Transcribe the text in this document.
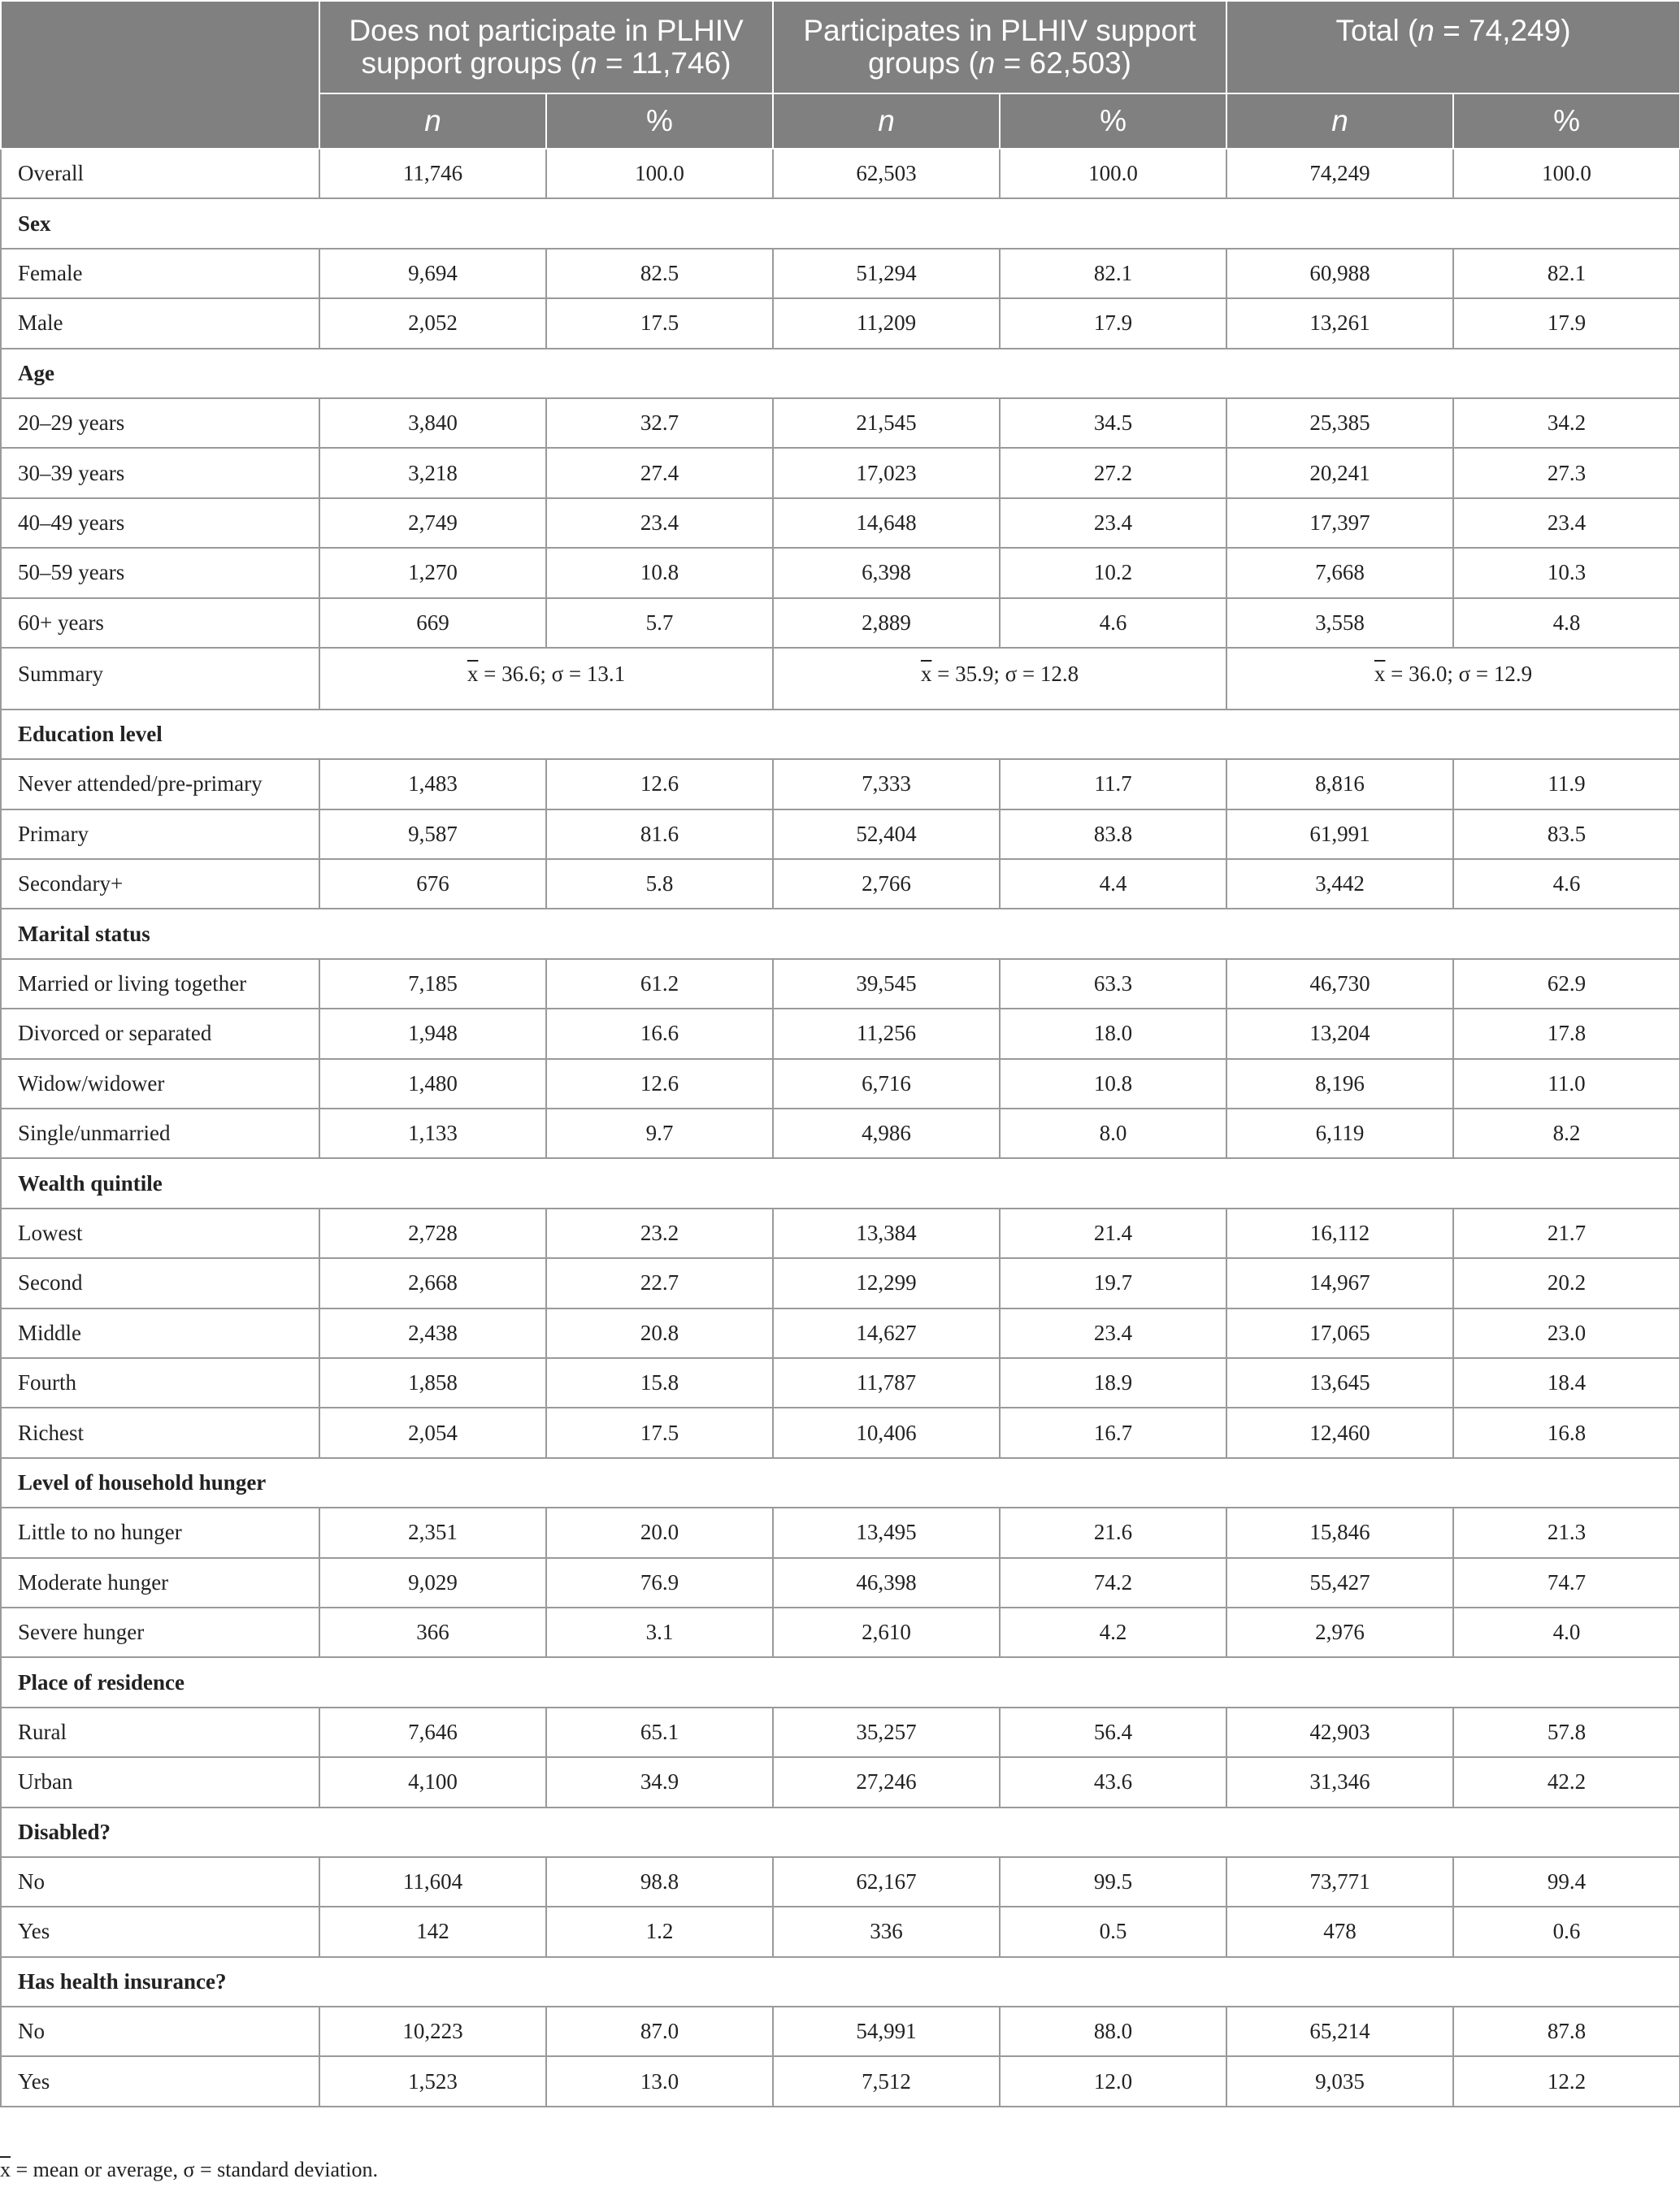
	Does not participate in PLHIV support groups (n = 11,746)		Participates in PLHIV support groups (n = 62,503)		Total (n = 74,249)	
	n	%	n	%	n	%
Overall	11,746	100.0	62,503	100.0	74,249	100.0
Sex						
Female	9,694	82.5	51,294	82.1	60,988	82.1
Male	2,052	17.5	11,209	17.9	13,261	17.9
Age						
20–29 years	3,840	32.7	21,545	34.5	25,385	34.2
30–39 years	3,218	27.4	17,023	27.2	20,241	27.3
40–49 years	2,749	23.4	14,648	23.4	17,397	23.4
50–59 years	1,270	10.8	6,398	10.2	7,668	10.3
60+ years	669	5.7	2,889	4.6	3,558	4.8
Summary	$\overline{x} = 36.6$; σ = 13.1		$\overline{x} = 35.9$; σ = 12.8		$\overline{x} = 36.0$; σ = 12.9	
Education level						
Never attended/pre-primary	1,483	12.6	7,333	11.7	8,816	11.9
Primary	9,587	81.6	52,404	83.8	61,991	83.5
Secondary+	676	5.8	2,766	4.4	3,442	4.6
Marital status						
Married or living together	7,185	61.2	39,545	63.3	46,730	62.9
Divorced or separated	1,948	16.6	11,256	18.0	13,204	17.8
Widow/widower	1,480	12.6	6,716	10.8	8,196	11.0
Single/unmarried	1,133	9.7	4,986	8.0	6,119	8.2
Wealth quintile						
Lowest	2,728	23.2	13,384	21.4	16,112	21.7
Second	2,668	22.7	12,299	19.7	14,967	20.2
Middle	2,438	20.8	14,627	23.4	17,065	23.0
Fourth	1,858	15.8	11,787	18.9	13,645	18.4
Richest	2,054	17.5	10,406	16.7	12,460	16.8
Level of household hunger						
Little to no hunger	2,351	20.0	13,495	21.6	15,846	21.3
Moderate hunger	9,029	76.9	46,398	74.2	55,427	74.7
Severe hunger	366	3.1	2,610	4.2	2,976	4.0
Place of residence						
Rural	7,646	65.1	35,257	56.4	42,903	57.8
Urban	4,100	34.9	27,246	43.6	31,346	42.2
Disabled?						
No	11,604	98.8	62,167	99.5	73,771	99.4
Yes	142	1.2	336	0.5	478	0.6
Has health insurance?						
No	10,223	87.0	54,991	88.0	65,214	87.8
Yes	1,523	13.0	7,512	12.0	9,035	12.2
$\overline{x}$ = mean or average, σ = standard deviation.
